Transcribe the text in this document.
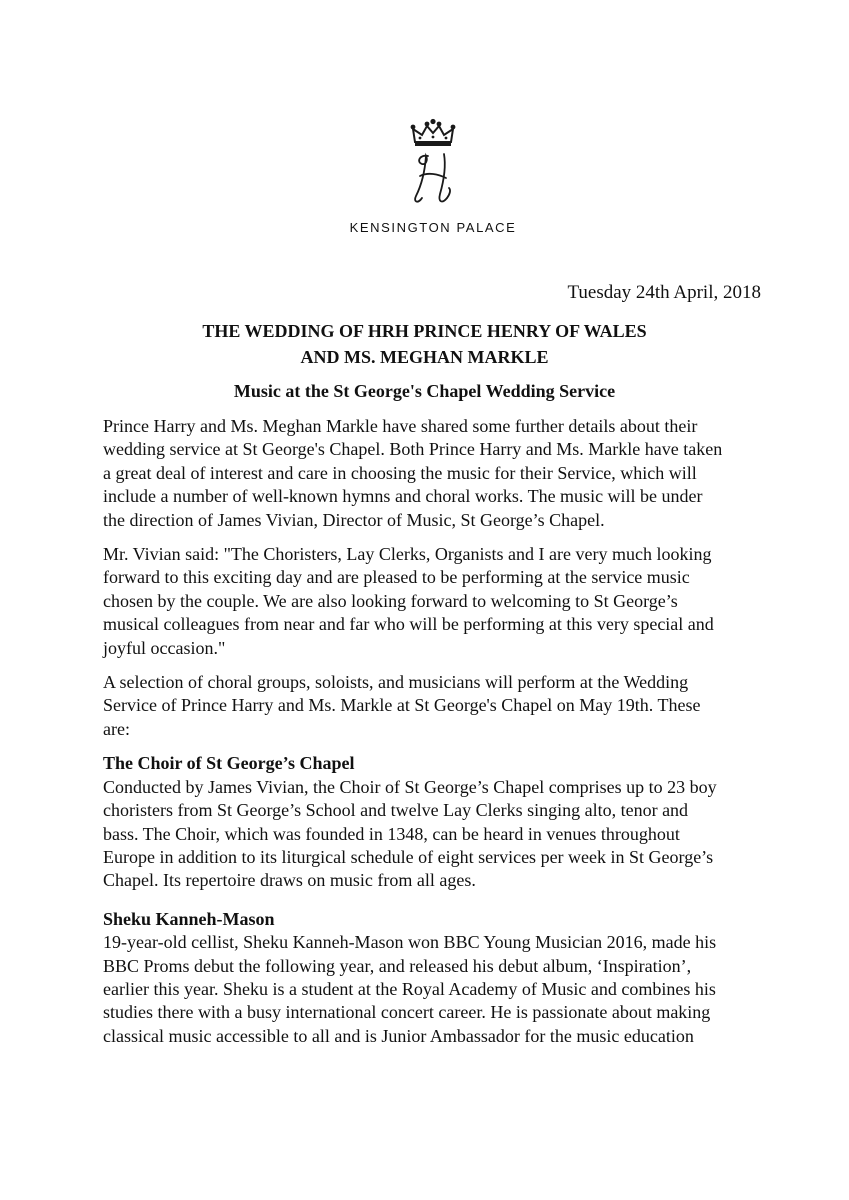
KENSINGTON PALACE
Tuesday 24th April, 2018
THE WEDDING OF HRH PRINCE HENRY OF WALES
AND MS. MEGHAN MARKLE
Music at the St George's Chapel Wedding Service

Prince Harry and Ms. Meghan Markle have shared some further details about their
wedding service at St George's Chapel. Both Prince Harry and Ms. Markle have taken
a great deal of interest and care in choosing the music for their Service, which will
include a number of well-known hymns and choral works. The music will be under
the direction of James Vivian, Director of Music, St George’s Chapel.

Mr. Vivian said: "The Choristers, Lay Clerks, Organists and I are very much looking
forward to this exciting day and are pleased to be performing at the service music
chosen by the couple. We are also looking forward to welcoming to St George’s
musical colleagues from near and far who will be performing at this very special and
joyful occasion."

A selection of choral groups, soloists, and musicians will perform at the Wedding
Service of Prince Harry and Ms. Markle at St George's Chapel on May 19th. These
are:

The Choir of St George’s Chapel
Conducted by James Vivian, the Choir of St George’s Chapel comprises up to 23 boy
choristers from St George’s School and twelve Lay Clerks singing alto, tenor and
bass. The Choir, which was founded in 1348, can be heard in venues throughout
Europe in addition to its liturgical schedule of eight services per week in St George’s
Chapel. Its repertoire draws on music from all ages.
Sheku Kanneh-Mason
19-year-old cellist, Sheku Kanneh-Mason won BBC Young Musician 2016, made his
BBC Proms debut the following year, and released his debut album, ‘Inspiration’,
earlier this year. Sheku is a student at the Royal Academy of Music and combines his
studies there with a busy international concert career. He is passionate about making
classical music accessible to all and is Junior Ambassador for the music education
